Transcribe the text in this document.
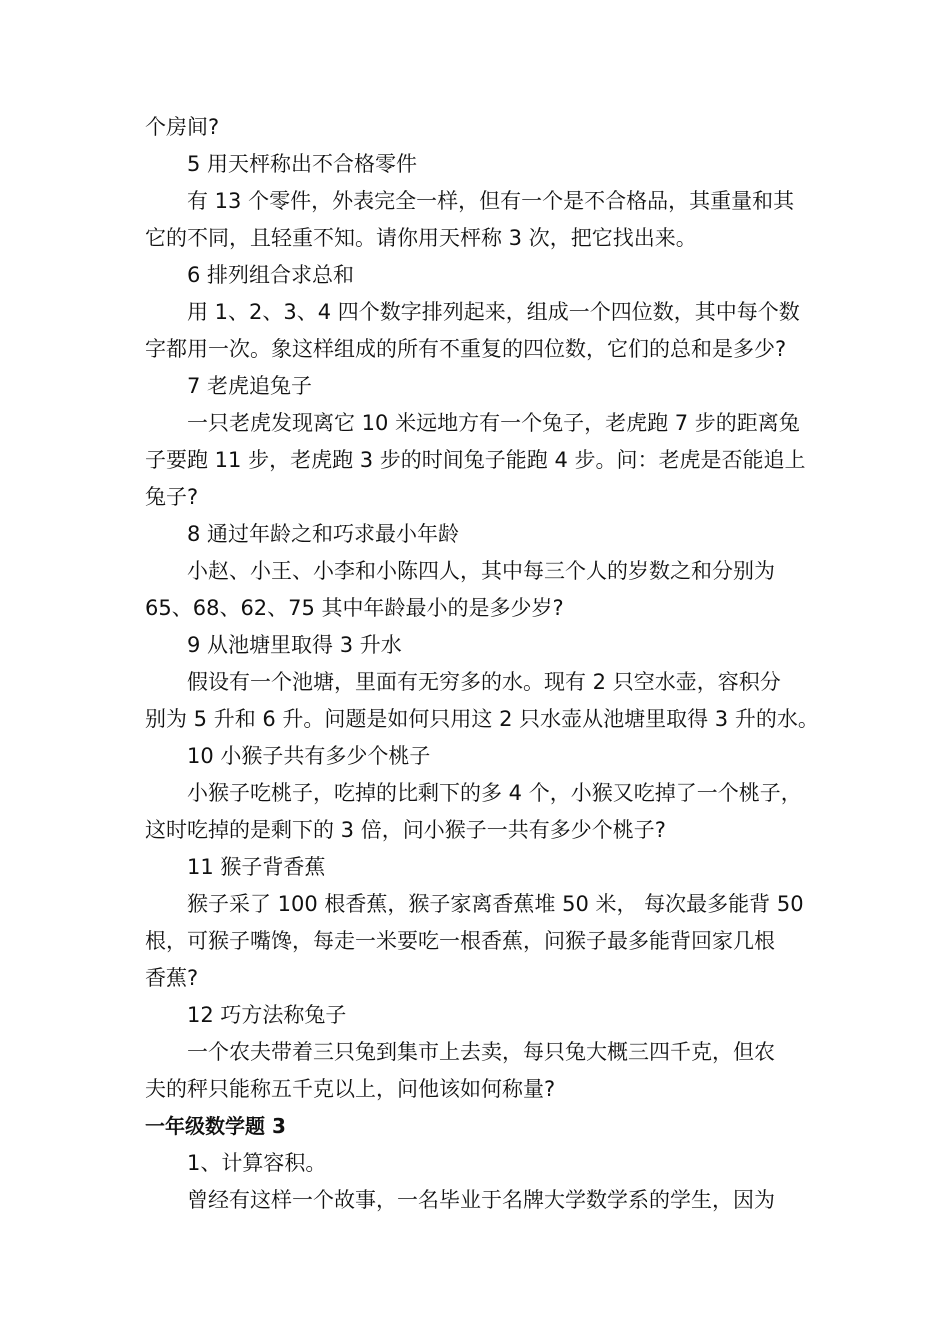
个房间?
5 用天枰称出不合格零件
有 13 个零件，外表完全一样，但有一个是不合格品，其重量和其
它的不同，且轻重不知。请你用天枰称 3 次，把它找出来。
6 排列组合求总和
用 1、2、3、4 四个数字排列起来，组成一个四位数，其中每个数
字都用一次。象这样组成的所有不重复的四位数，它们的总和是多少?
7 老虎追兔子
一只老虎发现离它 10 米远地方有一个兔子，老虎跑 7 步的距离兔
子要跑 11 步，老虎跑 3 步的时间兔子能跑 4 步。问：老虎是否能追上
兔子?
8 通过年龄之和巧求最小年龄
小赵、小王、小李和小陈四人，其中每三个人的岁数之和分别为
65、68、62、75 其中年龄最小的是多少岁?
9 从池塘里取得 3 升水
假设有一个池塘，里面有无穷多的水。现有 2 只空水壶，容积分
别为 5 升和 6 升。问题是如何只用这 2 只水壶从池塘里取得 3 升的水。
10 小猴子共有多少个桃子
小猴子吃桃子，吃掉的比剩下的多 4 个，小猴又吃掉了一个桃子，
这时吃掉的是剩下的 3 倍，问小猴子一共有多少个桃子?
11 猴子背香蕉
猴子采了 100 根香蕉，猴子家离香蕉堆 50 米， 每次最多能背 50
根，可猴子嘴馋，每走一米要吃一根香蕉，问猴子最多能背回家几根
香蕉?
12 巧方法称兔子
一个农夫带着三只兔到集市上去卖，每只兔大概三四千克，但农
夫的秤只能称五千克以上，问他该如何称量?
一年级数学题 3
1、计算容积。
曾经有这样一个故事，一名毕业于名牌大学数学系的学生，因为
